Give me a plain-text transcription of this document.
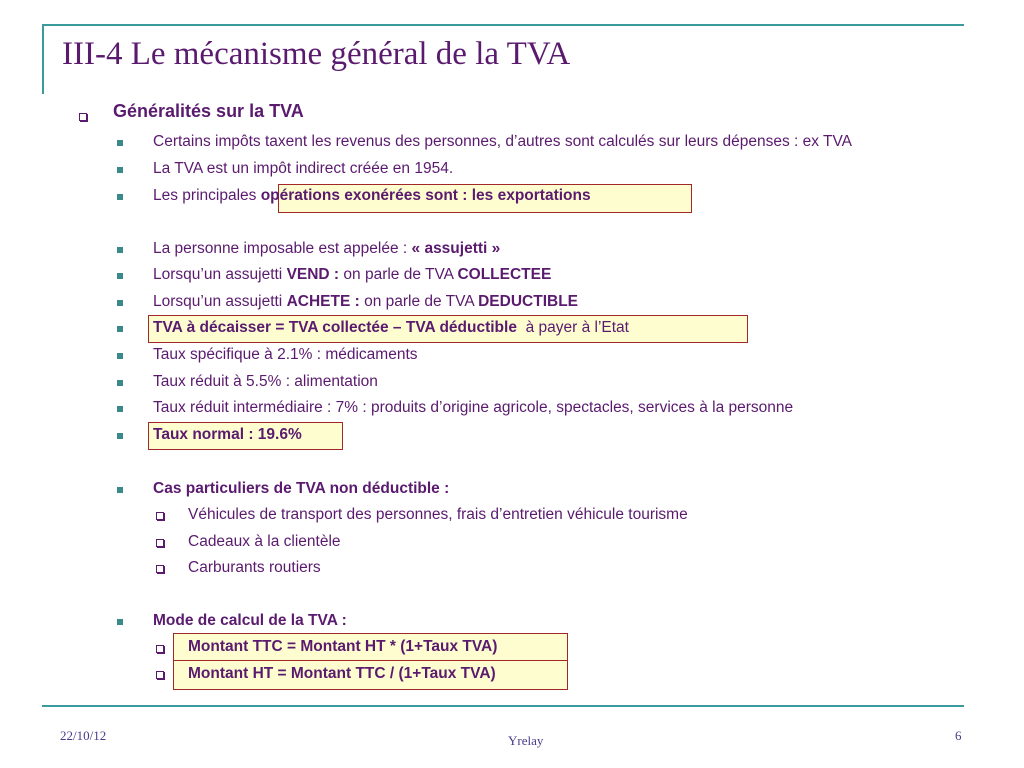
III-4 Le mécanisme général de la TVA
Généralités sur la TVA
Certains impôts taxent les revenus des personnes, d’autres sont calculés sur leurs dépenses : ex TVA
La TVA est un impôt indirect créée en 1954.
Les principales opérations exonérées sont : les exportations
La personne imposable est appelée : « assujetti »
Lorsqu’un assujetti VEND : on parle de TVA COLLECTEE
Lorsqu’un assujetti ACHETE : on parle de TVA DEDUCTIBLE
TVA à décaisser = TVA collectée – TVA déductible  à payer à l’Etat
Taux spécifique à 2.1% : médicaments
Taux réduit à 5.5% : alimentation
Taux réduit intermédiaire : 7% : produits d’origine agricole, spectacles, services à la personne
Taux normal : 19.6%
Cas particuliers de TVA non déductible :
Véhicules de transport des personnes, frais d’entretien véhicule tourisme
Cadeaux à la clientèle
Carburants routiers
Mode de calcul de la TVA :
Montant TTC = Montant HT * (1+Taux TVA)
Montant HT = Montant TTC / (1+Taux TVA)
22/10/12	Yrelay	6
